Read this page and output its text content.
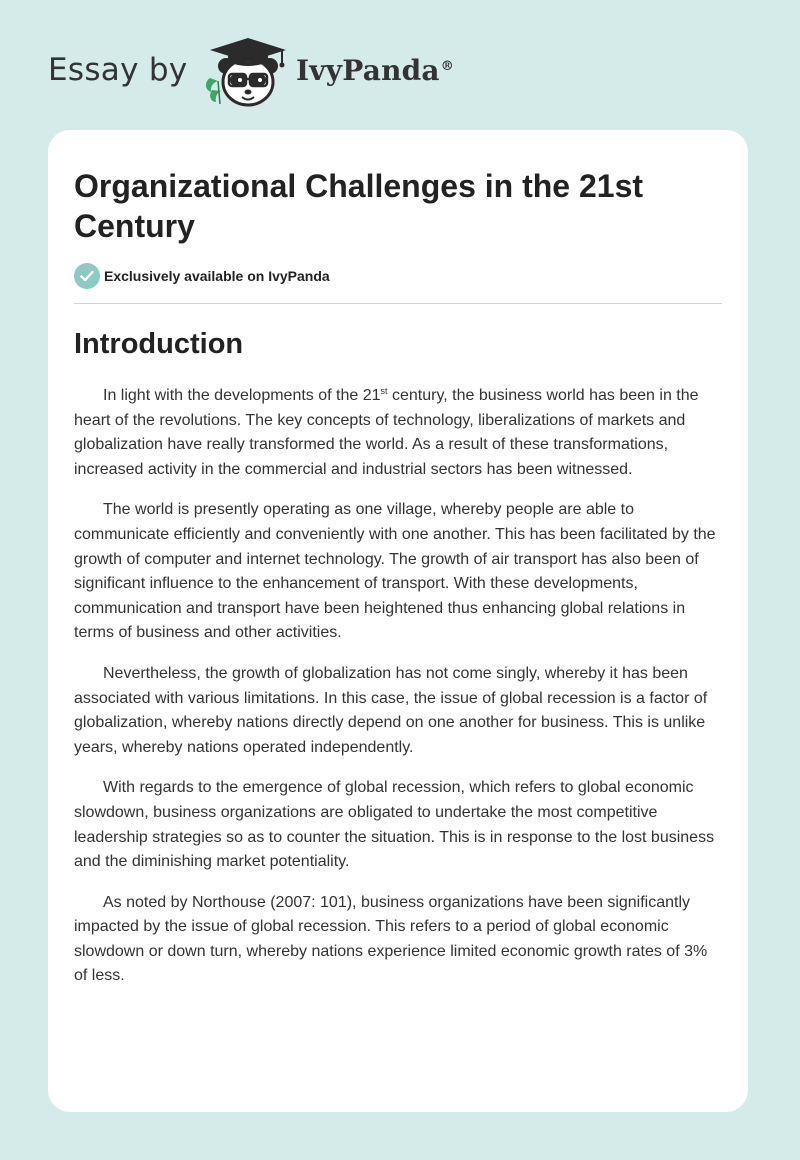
Essay by	IvyPanda®
Organizational Challenges in the 21st Century
Exclusively available on IvyPanda
Introduction

In light with the developments of the 21st century, the business world has been in the heart of the revolutions. The key concepts of technology, liberalizations of markets and globalization have really transformed the world. As a result of these transformations, increased activity in the commercial and industrial sectors has been witnessed.

The world is presently operating as one village, whereby people are able to communicate efficiently and conveniently with one another. This has been facilitated by the growth of computer and internet technology. The growth of air transport has also been of significant influence to the enhancement of transport. With these developments, communication and transport have been heightened thus enhancing global relations in terms of business and other activities.

Nevertheless, the growth of globalization has not come singly, whereby it has been associated with various limitations. In this case, the issue of global recession is a factor of globalization, whereby nations directly depend on one another for business. This is unlike years, whereby nations operated independently.

With regards to the emergence of global recession, which refers to global economic slowdown, business organizations are obligated to undertake the most competitive leadership strategies so as to counter the situation. This is in response to the lost business and the diminishing market potentiality.

As noted by Northouse (2007: 101), business organizations have been significantly impacted by the issue of global recession. This refers to a period of global economic slowdown or down turn, whereby nations experience limited economic growth rates of 3% of less.
